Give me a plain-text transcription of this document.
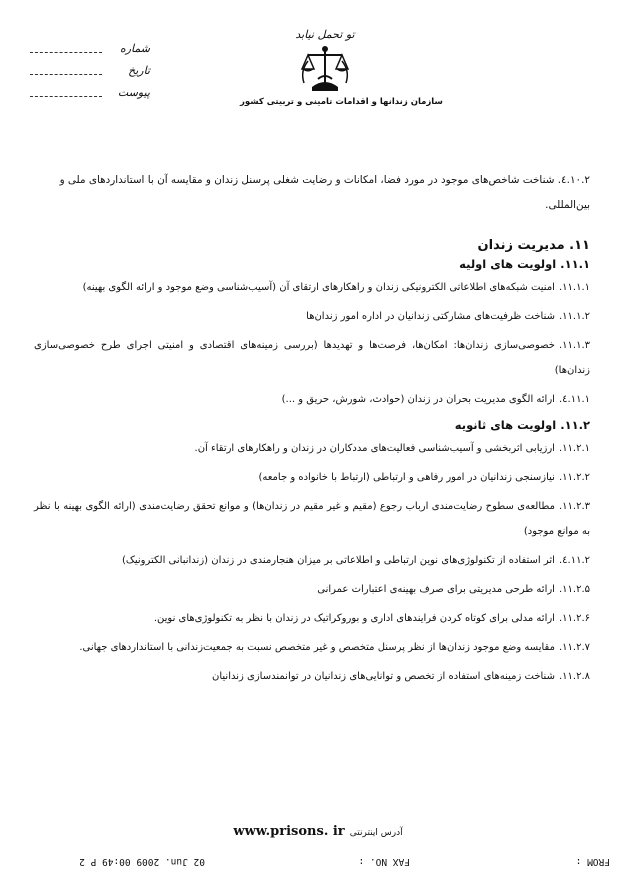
تو تحمل نیابد
سازمان زندانها و اقدامات تامینی و تربیتی کشور
شماره
تاریخ
پیوست

۱۰.۲.٤. شناخت شاخص‌های موجود در مورد فضا، امکانات و رضایت شغلی پرسنل زندان و مقایسه آن با استانداردهای ملی و بین‌المللی.

۱۱. مدیریت زندان
۱۱.۱. اولویت های اولیه

۱۱.۱.۱.امنیت شبکه‌های اطلاعاتی الکترونیکی زندان و راهکارهای ارتقای آن (آسیب‌شناسی وضع موجود و ارائه الگوی بهینه)

۱۱.۱.۲.شناخت ظرفیت‌های مشارکتی زندانیان در اداره امور زندان‌ها

۱۱.۱.۳.خصوصی‌سازی زندان‌ها: امکان‌ها، فرصت‌ها و تهدیدها (بررسی زمینه‌های اقتصادی و امنیتی اجرای طرح خصوصی‌سازی زندان‌ها)

۱۱.۱.٤.ارائه الگوی مدیریت بحران در زندان (حوادث، شورش، حریق و ...)

۱۱.۲. اولویت های ثانویه

۱۱.۲.۱.ارزیابی اثربخشی و آسیب‌شناسی فعالیت‌های مددکاران در زندان و راهکارهای ارتقاء آن.

۱۱.۲.۲.نیازسنجی زندانیان در امور رفاهی و ارتباطی (ارتباط با خانواده و جامعه)

۱۱.۲.۳.مطالعه‌ی سطوح رضایت‌مندی ارباب رجوع (مقیم و غیر مقیم در زندان‌ها) و موانع تحقق رضایت‌مندی (ارائه الگوی بهینه با نظر به موانع موجود)

۱۱.۲.٤.اثر استفاده از تکنولوژی‌های نوین ارتباطی و اطلاعاتی بر میزان هنجارمندی در زندان (زندانبانی الکترونیک)

۱۱.۲.۵.ارائه طرحی مدیریتی برای صرف بهینه‌ی اعتبارات عمرانی

۱۱.۲.۶.ارائه مدلی برای کوتاه کردن فرایندهای اداری و بوروکراتیک در زندان با نظر به تکنولوژی‌های نوین.

۱۱.۲.۷.مقایسه وضع موجود زندان‌ها از نظر پرسنل متخصص و غیر متخصص نسبت به جمعیت‌زندانی با استانداردهای جهانی.

۱۱.۲.۸.شناخت زمینه‌های استفاده از تخصص و توانایی‌های زندانیان در توانمندسازی زندانیان

www.prisons. ir آدرس اینترنتی
FROM :
FAX NO. :
02 Jun. 2009 00:49 P 2
